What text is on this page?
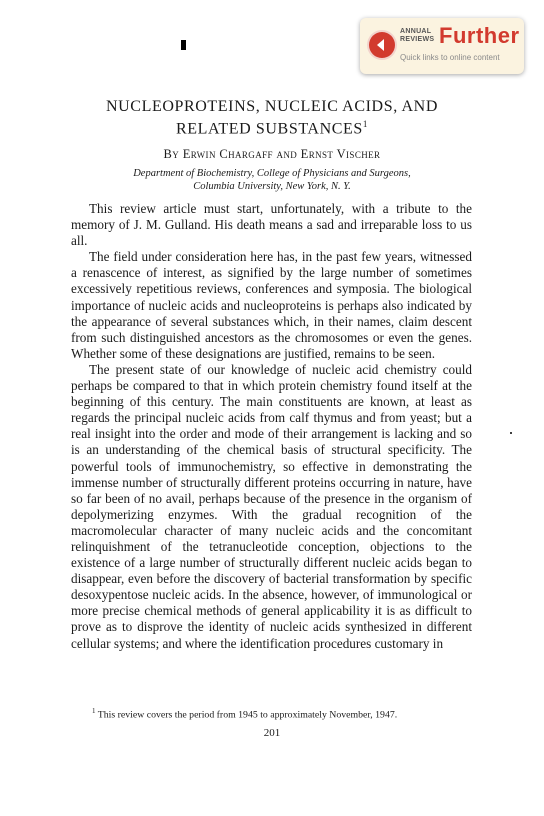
ANNUAL
REVIEWS Further
Quick links to online content
NUCLEOPROTEINS, NUCLEIC ACIDS, AND
RELATED SUBSTANCES$^1$
By Erwin Chargaff and Ernst Vischer
Department of Biochemistry, College of Physicians and Surgeons,
Columbia University, New York, N. Y.

This review article must start, unfortunately, with a tribute to the memory of J. M. Gulland. His death means a sad and irreparable loss to us all.

The field under consideration here has, in the past few years, witnessed a renascence of interest, as signified by the large number of sometimes excessively repetitious reviews, conferences and symposia. The biological importance of nucleic acids and nucleoproteins is perhaps also indicated by the appearance of several substances which, in their names, claim descent from such distinguished ancestors as the chromosomes or even the genes. Whether some of these designations are justified, remains to be seen.

The present state of our knowledge of nucleic acid chemistry could perhaps be compared to that in which protein chemistry found itself at the beginning of this century. The main constituents are known, at least as regards the principal nucleic acids from calf thymus and from yeast; but a real insight into the order and mode of their arrangement is lacking and so is an understanding of the chemical basis of structural specificity. The powerful tools of immunochemistry, so effective in demonstrating the immense number of structurally different proteins occurring in nature, have so far been of no avail, perhaps because of the presence in the organism of depolymerizing enzymes. With the gradual recognition of the macromolecular character of many nucleic acids and the concomitant relinquishment of the tetranucleotide conception, objections to the existence of a large number of structurally different nucleic acids began to disappear, even before the discovery of bacterial transformation by specific desoxypentose nucleic acids. In the absence, however, of immunological or more precise chemical methods of general applicability it is as difficult to prove as to disprove the identity of nucleic acids synthesized in different cellular systems; and where the identification procedures customary in

$^1$ This review covers the period from 1945 to approximately November, 1947.
201
